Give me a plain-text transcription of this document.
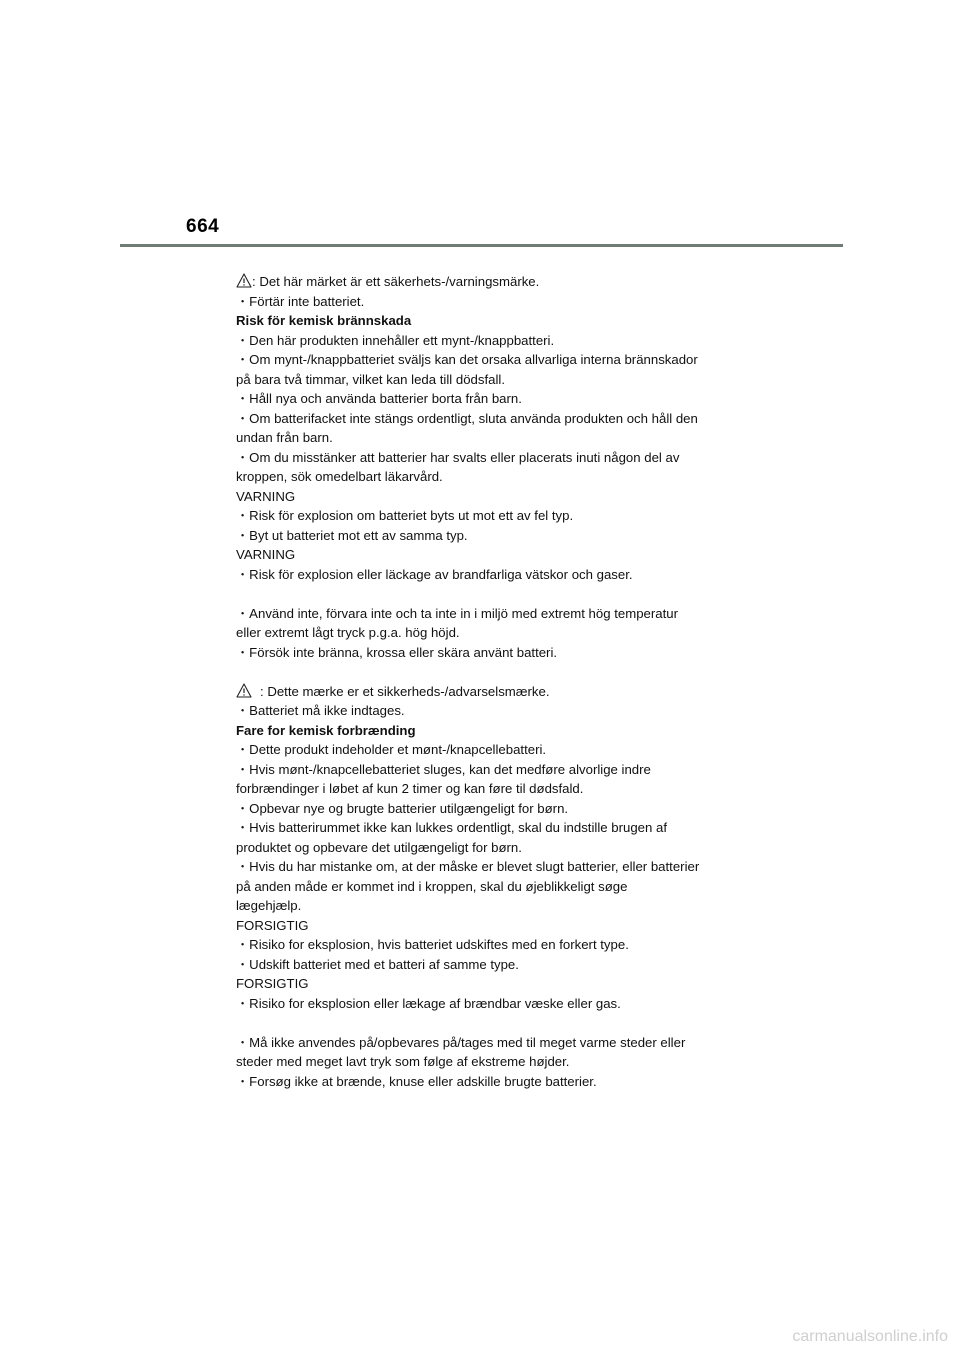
664
: Det här märket är ett säkerhets-/varningsmärke.
・Förtär inte batteriet.
Risk för kemisk brännskada
・Den här produkten innehåller ett mynt-/knappbatteri.
・Om mynt-/knappbatteriet sväljs kan det orsaka allvarliga interna brännskador
på bara två timmar, vilket kan leda till dödsfall.
・Håll nya och använda batterier borta från barn.
・Om batterifacket inte stängs ordentligt, sluta använda produkten och håll den
undan från barn.
・Om du misstänker att batterier har svalts eller placerats inuti någon del av
kroppen, sök omedelbart läkarvård.
VARNING
・Risk för explosion om batteriet byts ut mot ett av fel typ.
・Byt ut batteriet mot ett av samma typ.
VARNING
・Risk för explosion eller läckage av brandfarliga vätskor och gaser.
・Använd inte, förvara inte och ta inte in i miljö med extremt hög temperatur
eller extremt lågt tryck p.g.a. hög höjd.
・Försök inte bränna, krossa eller skära använt batteri.
: Dette mærke er et sikkerheds-/advarselsmærke.
・Batteriet må ikke indtages.
Fare for kemisk forbrænding
・Dette produkt indeholder et mønt-/knapcellebatteri.
・Hvis mønt-/knapcellebatteriet sluges, kan det medføre alvorlige indre
forbrændinger i løbet af kun 2 timer og kan føre til dødsfald.
・Opbevar nye og brugte batterier utilgængeligt for børn.
・Hvis batterirummet ikke kan lukkes ordentligt, skal du indstille brugen af
produktet og opbevare det utilgængeligt for børn.
・Hvis du har mistanke om, at der måske er blevet slugt batterier, eller batterier
på anden måde er kommet ind i kroppen, skal du øjeblikkeligt søge
lægehjælp.
FORSIGTIG
・Risiko for eksplosion, hvis batteriet udskiftes med en forkert type.
・Udskift batteriet med et batteri af samme type.
FORSIGTIG
・Risiko for eksplosion eller lækage af brændbar væske eller gas.
・Må ikke anvendes på/opbevares på/tages med til meget varme steder eller
steder med meget lavt tryk som følge af ekstreme højder.
・Forsøg ikke at brænde, knuse eller adskille brugte batterier.
carmanualsonline.info
